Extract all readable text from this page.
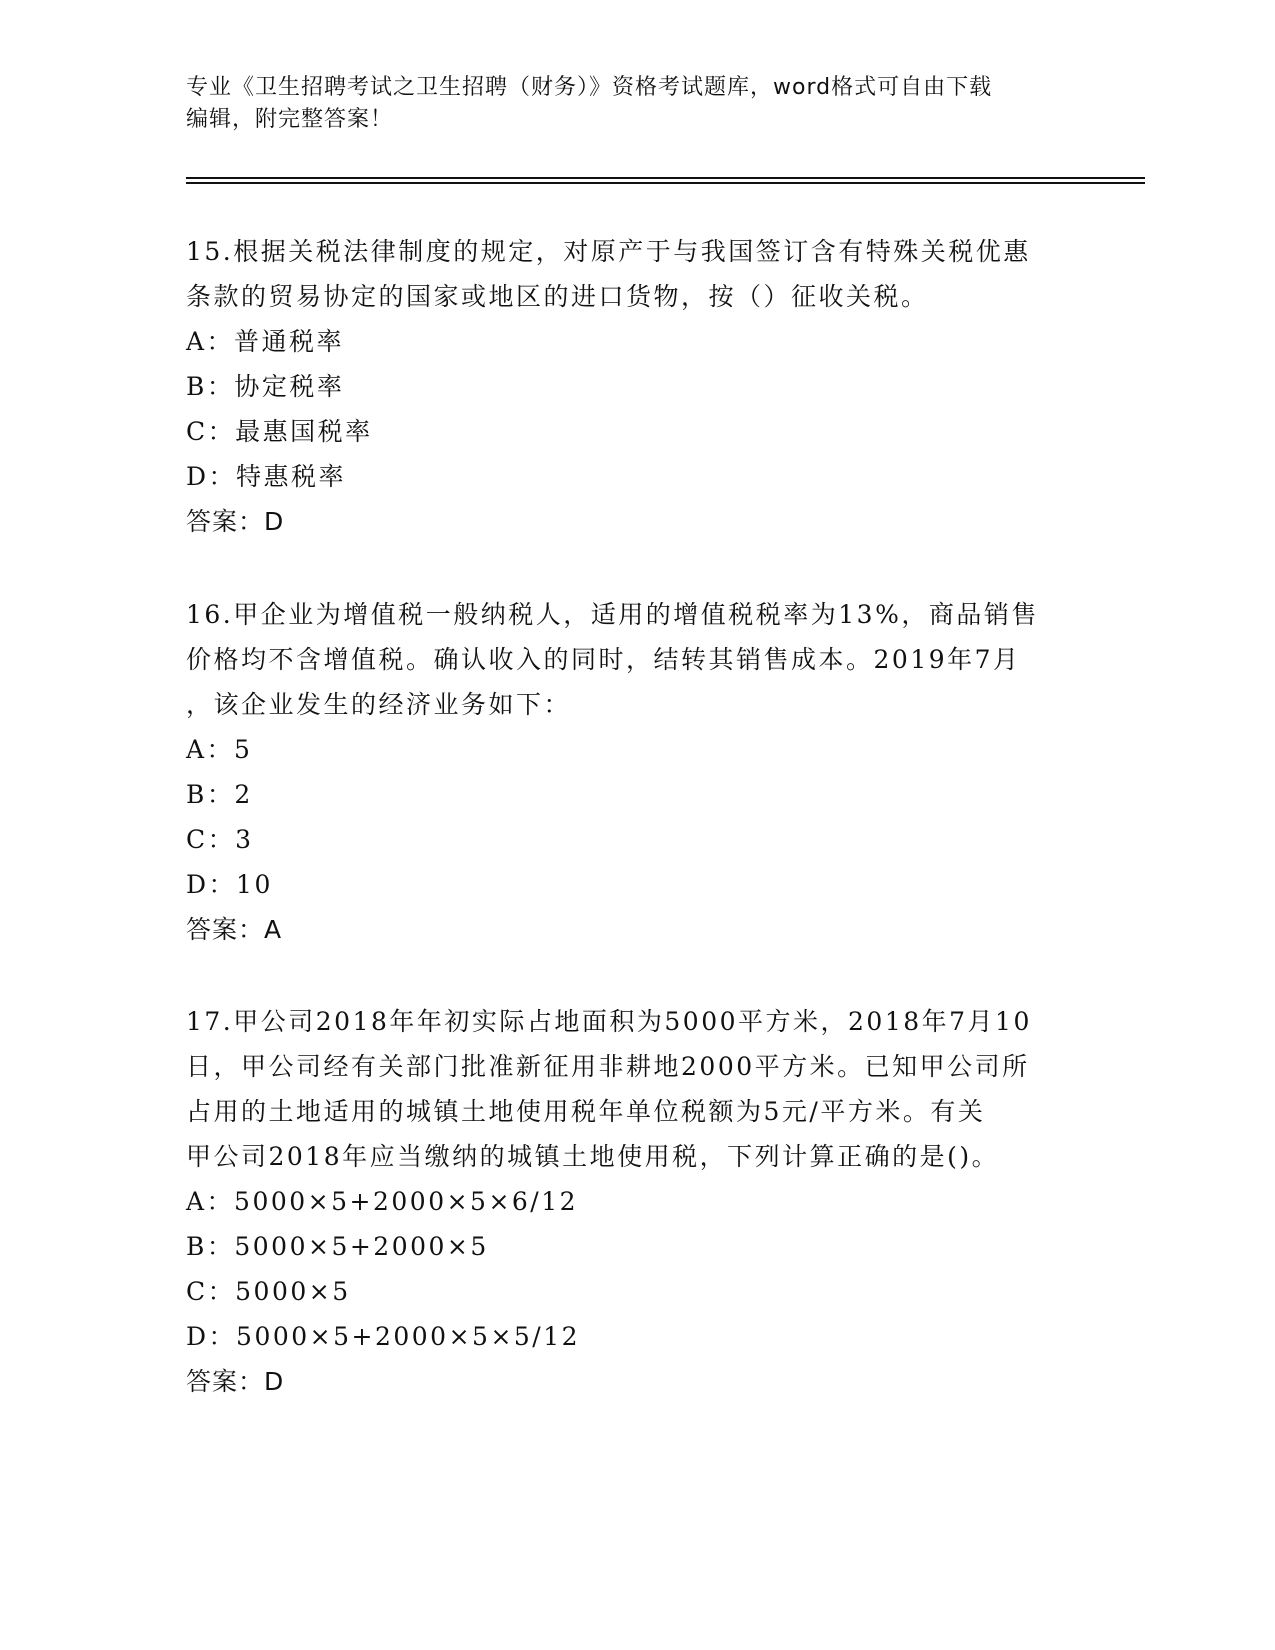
专业《卫生招聘考试之卫生招聘（财务）》资格考试题库，word格式可自由下载
编辑，附完整答案！
15.根据关税法律制度的规定，对原产于与我国签订含有特殊关税优惠
条款的贸易协定的国家或地区的进口货物，按（）征收关税。
A：普通税率
B：协定税率
C：最惠国税率
D：特惠税率
答案：D
16.甲企业为增值税一般纳税人，适用的增值税税率为13%，商品销售
价格均不含增值税。确认收入的同时，结转其销售成本。2019年7月
，该企业发生的经济业务如下：
A：5
B：2
C：3
D：10
答案：A
17.甲公司2018年年初实际占地面积为5000平方米，2018年7月10
日，甲公司经有关部门批准新征用非耕地2000平方米。已知甲公司所
占用的土地适用的城镇土地使用税年单位税额为5元/平方米。有关
甲公司2018年应当缴纳的城镇土地使用税，下列计算正确的是()。
A：5000×5+2000×5×6/12
B：5000×5+2000×5
C：5000×5
D：5000×5+2000×5×5/12
答案：D
